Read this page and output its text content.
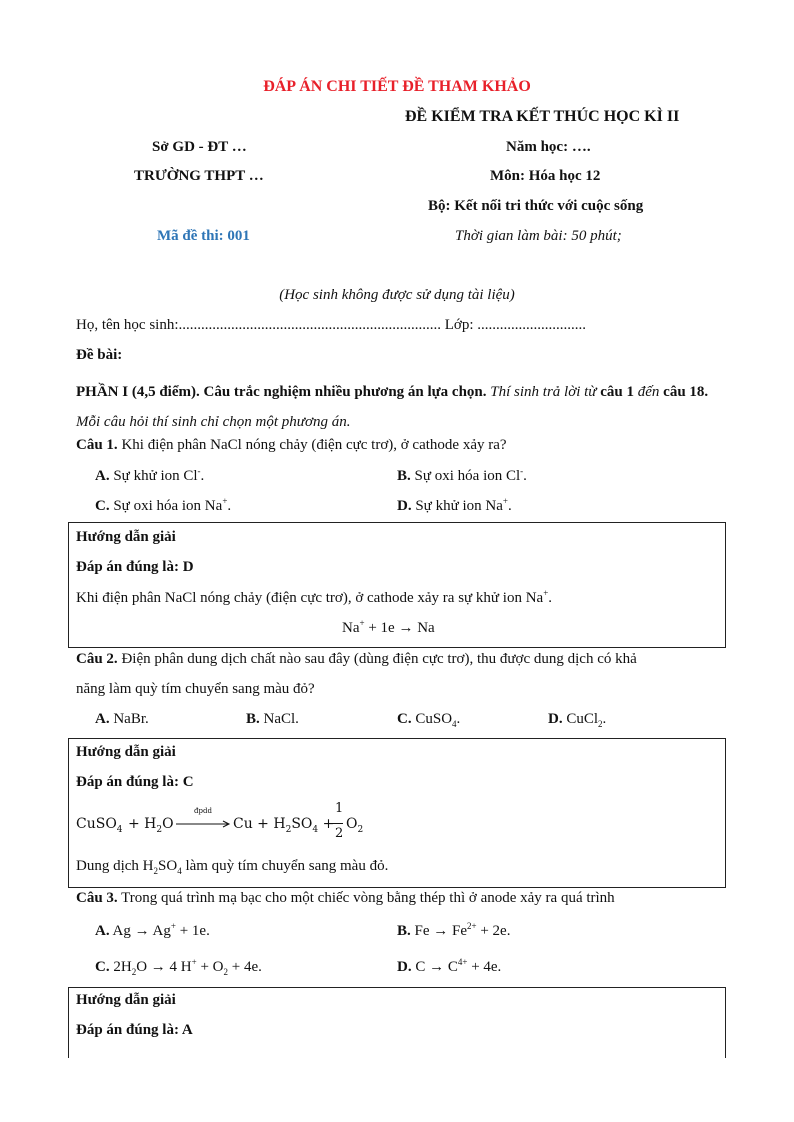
ĐÁP ÁN CHI TIẾT ĐỀ THAM KHẢO
ĐỀ KIỂM TRA KẾT THÚC HỌC KÌ II
Sở GD - ĐT …	Năm học: ….
TRƯỜNG THPT …	Môn: Hóa học 12
Bộ: Kết nối tri thức với cuộc sống
Mã đề thi: 001	Thời gian làm bài: 50 phút;
(Học sinh không được sử dụng tài liệu)
Họ, tên học sinh:...................................................................... Lớp: .............................
Đề bài:
PHẦN I (4,5 điểm). Câu trắc nghiệm nhiều phương án lựa chọn. Thí sinh trả lời từ câu 1 đến câu 18. Mỗi câu hỏi thí sinh chỉ chọn một phương án.
Câu 1. Khi điện phân NaCl nóng chảy (điện cực trơ), ở cathode xảy ra?
A. Sự khử ion Cl-.	B. Sự oxi hóa ion Cl-.
C. Sự oxi hóa ion Na+.	D. Sự khử ion Na+.
Hướng dẫn giải
Đáp án đúng là: D
Khi điện phân NaCl nóng chảy (điện cực trơ), ở cathode xảy ra sự khử ion Na+.
Na+ + 1e → Na
Câu 2. Điện phân dung dịch chất nào sau đây (dùng điện cực trơ), thu được dung dịch có khả
năng làm quỳ tím chuyển sang màu đỏ?
A. NaBr.	B. NaCl.	C. CuSO$_4$.	D. CuCl$_2$.
Hướng dẫn giải
Đáp án đúng là: C
CuSO$_4$ + $H_2O$
đpdd
$Cu + H_2SO_4$ +
1
2
$O_2$
Dung dịch $H_2SO_4$ làm quỳ tím chuyển sang màu đỏ.
Câu 3. Trong quá trình mạ bạc cho một chiếc vòng bằng thép thì ở anode xảy ra quá trình
A. Ag → Ag+ + 1e.	B. $Fe \to Fe^{2+} + 2e$.
C. $2H_2O \to 4$ $H^+ + O_2 + 4e$.	D. $C \to C^{4+} + 4e$.
Hướng dẫn giải
Đáp án đúng là: A
